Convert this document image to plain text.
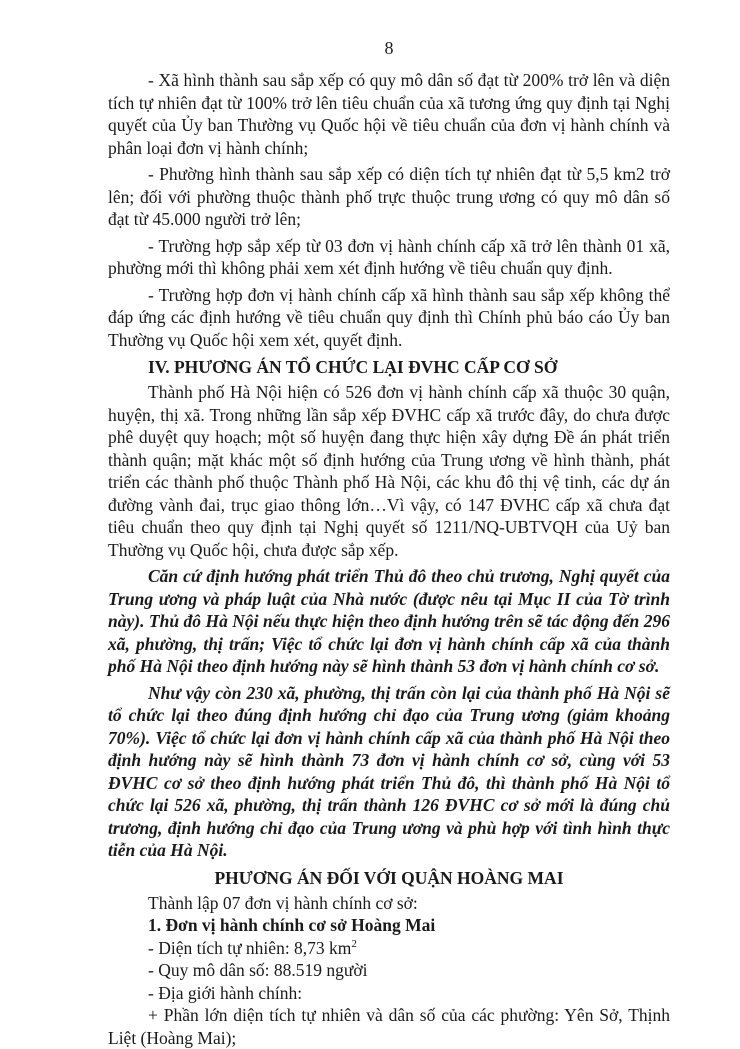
8

- Xã hình thành sau sắp xếp có quy mô dân số đạt từ 200% trở lên và diện tích tự nhiên đạt từ 100% trở lên tiêu chuẩn của xã tương ứng quy định tại Nghị quyết của Ủy ban Thường vụ Quốc hội về tiêu chuẩn của đơn vị hành chính và phân loại đơn vị hành chính;

- Phường hình thành sau sắp xếp có diện tích tự nhiên đạt từ 5,5 km2 trở lên; đối với phường thuộc thành phố trực thuộc trung ương có quy mô dân số đạt từ 45.000 người trở lên;

- Trường hợp sắp xếp từ 03 đơn vị hành chính cấp xã trở lên thành 01 xã, phường mới thì không phải xem xét định hướng về tiêu chuẩn quy định.

- Trường hợp đơn vị hành chính cấp xã hình thành sau sắp xếp không thể đáp ứng các định hướng về tiêu chuẩn quy định thì Chính phủ báo cáo Ủy ban Thường vụ Quốc hội xem xét, quyết định.

IV. PHƯƠNG ÁN TỔ CHỨC LẠI ĐVHC CẤP CƠ SỞ

Thành phố Hà Nội hiện có 526 đơn vị hành chính cấp xã thuộc 30 quận, huyện, thị xã. Trong những lần sắp xếp ĐVHC cấp xã trước đây, do chưa được phê duyệt quy hoạch; một số huyện đang thực hiện xây dựng Đề án phát triển thành quận; mặt khác một số định hướng của Trung ương về hình thành, phát triển các thành phố thuộc Thành phố Hà Nội, các khu đô thị vệ tinh, các dự án đường vành đai, trục giao thông lớn…Vì vậy, có 147 ĐVHC cấp xã chưa đạt tiêu chuẩn theo quy định tại Nghị quyết số 1211/NQ-UBTVQH của Uỷ ban Thường vụ Quốc hội, chưa được sắp xếp.

Căn cứ định hướng phát triển Thủ đô theo chủ trương, Nghị quyết của Trung ương và pháp luật của Nhà nước (được nêu tại Mục II của Tờ trình này). Thủ đô Hà Nội nếu thực hiện theo định hướng trên sẽ tác động đến 296 xã, phường, thị trấn; Việc tổ chức lại đơn vị hành chính cấp xã của thành phố Hà Nội theo định hướng này sẽ hình thành 53 đơn vị hành chính cơ sở.

Như vậy còn 230 xã, phường, thị trấn còn lại của thành phố Hà Nội sẽ tổ chức lại theo đúng định hướng chỉ đạo của Trung ương (giảm khoảng 70%). Việc tổ chức lại đơn vị hành chính cấp xã của thành phố Hà Nội theo định hướng này sẽ hình thành 73 đơn vị hành chính cơ sở, cùng với 53 ĐVHC cơ sở theo định hướng phát triển Thủ đô, thì thành phố Hà Nội tổ chức lại 526 xã, phường, thị trấn thành 126 ĐVHC cơ sở mới là đúng chủ trương, định hướng chỉ đạo của Trung ương và phù hợp với tình hình thực tiễn của Hà Nội.

PHƯƠNG ÁN ĐỐI VỚI QUẬN HOÀNG MAI

Thành lập 07 đơn vị hành chính cơ sở:

1. Đơn vị hành chính cơ sở Hoàng Mai

- Diện tích tự nhiên: 8,73 $km^2$

- Quy mô dân số: 88.519 người

- Địa giới hành chính:

+ Phần lớn diện tích tự nhiên và dân số của các phường: Yên Sở, Thịnh Liệt (Hoàng Mai);
